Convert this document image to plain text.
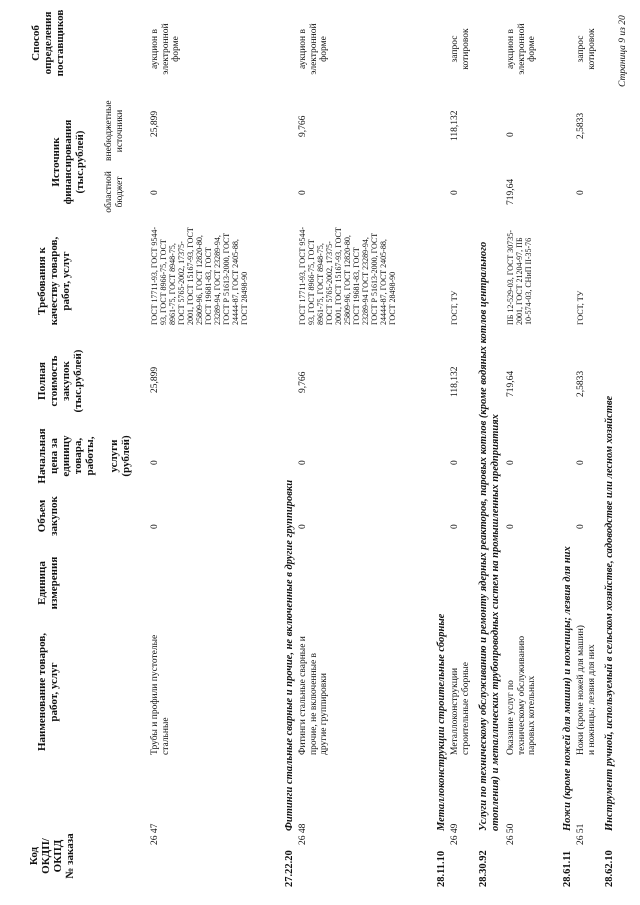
Код ОКДП/ ОКПД № заказа
Наименование товаров, работ, услуг
Единица измерения
Объем закупок
Начальная цена за единицу товара, работы, услуги (рублей)
Полная стоимость закупок (тыс.рублей)
Требования к качеству товаров, работ, услуг
Источник финансирования (тыс.рублей) областной бюджет
внебюджетные источники
Способ определения поставщиков
26 47
Трубы и профили пустотелые стальные
0
0
25,899
ГОСТ 17711-93, ГОСТ 9544-93, ГОСТ 8966-75, ГОСТ 8961-75, ГОСТ 8948-75, ГОСТ 5765-2002, 17375-2001, ГОСТ 15167-93, ГОСТ 25809-96, ГОСТ 12820-80, ГОСТ 19681-83, ГОСТ 23289-94, ГОСТ 23289-94, ГОСТ Р 51613-2000, ГОСТ 24444-87, ГОСТ 2405-88, ГОСТ 28498-90
0
25,899
аукцион в электронной форме
27.22.20
Фитинги стальные сварные и прочие, не включенные в другие группировки
26 48
Фитинги стальные сварные и прочие, не включенные в другие группировки
0
0
9,766
ГОСТ 17711-93, ГОСТ 9544-93, ГОСТ 8966-75, ГОСТ 8961-75, ГОСТ 8948-75, ГОСТ 5765-2002, 17375-2001, ГОСТ 15167-93, ГОСТ 25809-96, ГОСТ 12820-80, ГОСТ 19681-83, ГОСТ 23289-94 ГОСТ 23289-94, ГОСТ Р 51613-2000, ГОСТ 24444-87, ГОСТ 2405-88, ГОСТ 28498-90
0
9,766
аукцион в электронной форме
28.11.10
Металлоконструкции строительные сборные
26 49
Металлоконструкции строительные сборные
0
0
118,132
ГОСТ, ТУ
0
118,132
запрос котировок
28.30.92
Услуги по техническому обслуживанию и ремонту ядерных реакторов, паровых котлов (кроме водяных котлов центрального отопления) и металлических трубопроводных систем на промышленных предприятиях
26 50
Оказание услуг по техническому обслуживанию паровых котельных
0
0
719,64
ПБ 12-529-03, ГОСТ 30735-2001, ГОСТ 21204-97, ПБ 10-574-03, СНиП II-35-76
719,64
0
аукцион в электронной форме
28.61.11
Ножи (кроме ножей для машин) и ножницы; лезвия для них
26 51
Ножи (кроме ножей для машин) и ножницы; лезвия для них
0
0
2,5833
ГОСТ, ТУ
0
2,5833
запрос котировок
28.62.10
Инструмент ручной, используемый в сельском хозяйстве, садоводстве или лесном хозяйстве
Страница 9 из 20
